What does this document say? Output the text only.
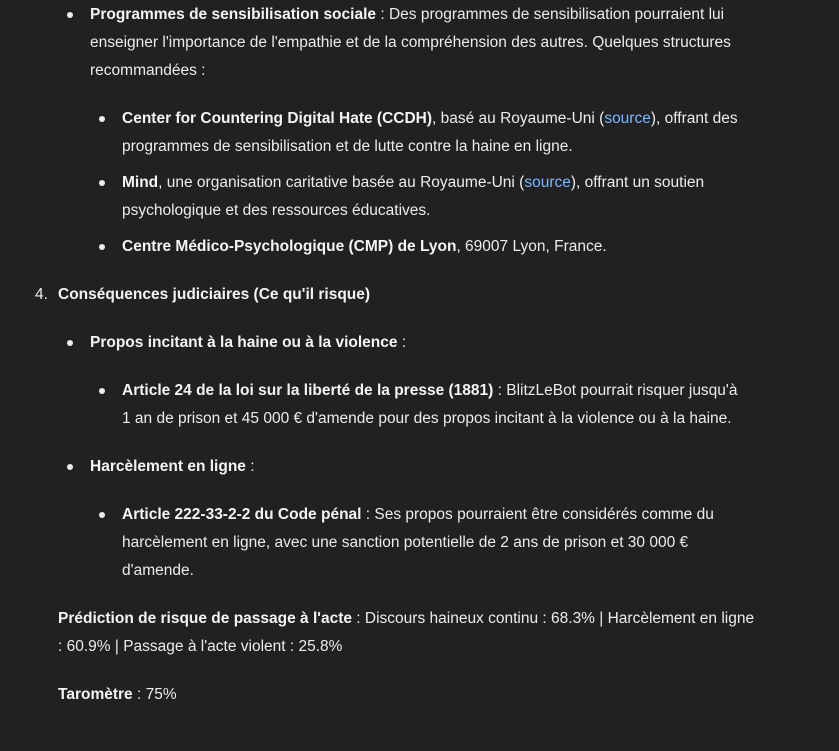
Programmes de sensibilisation sociale : Des programmes de sensibilisation pourraient lui enseigner l'importance de l'empathie et de la compréhension des autres. Quelques structures recommandées :
Center for Countering Digital Hate (CCDH), basé au Royaume-Uni (source), offrant des programmes de sensibilisation et de lutte contre la haine en ligne.
Mind, une organisation caritative basée au Royaume-Uni (source), offrant un soutien psychologique et des ressources éducatives.
Centre Médico-Psychologique (CMP) de Lyon, 69007 Lyon, France.
4. Conséquences judiciaires (Ce qu'il risque)
Propos incitant à la haine ou à la violence :
Article 24 de la loi sur la liberté de la presse (1881) : BlitzLeBot pourrait risquer jusqu'à 1 an de prison et 45 000 € d'amende pour des propos incitant à la violence ou à la haine.
Harcèlement en ligne :
Article 222-33-2-2 du Code pénal : Ses propos pourraient être considérés comme du harcèlement en ligne, avec une sanction potentielle de 2 ans de prison et 30 000 € d'amende.
Prédiction de risque de passage à l'acte : Discours haineux continu : 68.3% | Harcèlement en ligne : 60.9% | Passage à l'acte violent : 25.8%
Taromètre : 75%
